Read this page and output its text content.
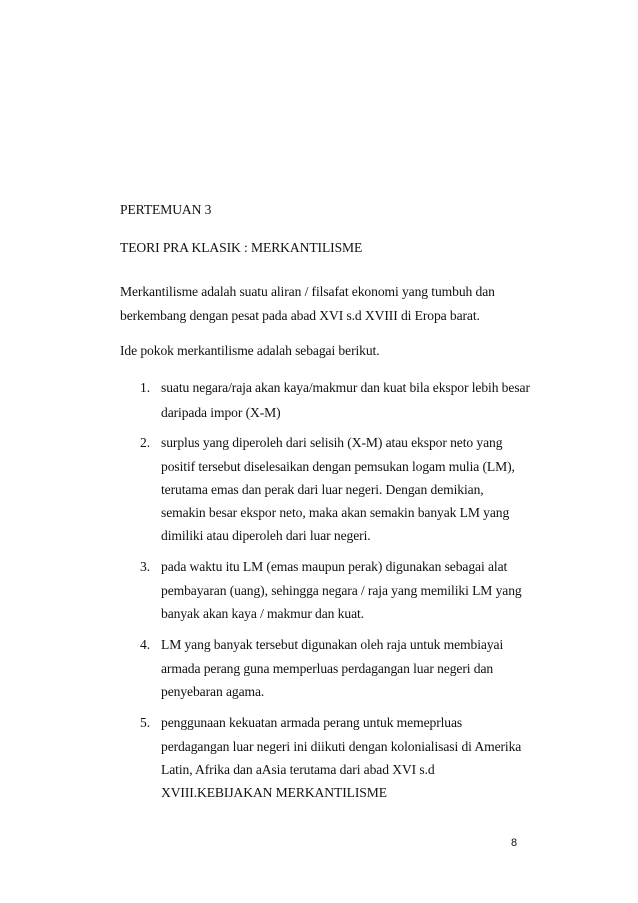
PERTEMUAN 3
TEORI PRA KLASIK : MERKANTILISME
Merkantilisme adalah suatu aliran / filsafat ekonomi yang tumbuh dan
berkembang dengan pesat pada abad XVI s.d XVIII di Eropa barat.
Ide pokok merkantilisme adalah sebagai berikut.
1. suatu negara/raja akan kaya/makmur dan kuat bila ekspor lebih besar
daripada impor (X-M)
2. surplus yang diperoleh dari selisih (X-M) atau ekspor neto yang
positif tersebut diselesaikan dengan pemsukan logam mulia (LM),
terutama emas dan perak dari luar negeri. Dengan demikian,
semakin besar ekspor neto, maka akan semakin banyak LM yang
dimiliki atau diperoleh dari luar negeri.
3. pada waktu itu LM (emas maupun perak) digunakan sebagai alat
pembayaran (uang), sehingga negara / raja yang memiliki LM yang
banyak akan kaya / makmur dan kuat.
4. LM yang banyak tersebut digunakan oleh raja untuk membiayai
armada perang guna memperluas perdagangan luar negeri dan
penyebaran agama.
5. penggunaan kekuatan armada perang untuk memeprluas
perdagangan luar negeri ini diikuti dengan kolonialisasi di Amerika
Latin, Afrika dan aAsia terutama dari abad XVI s.d
XVIII.KEBIJAKAN MERKANTILISME
8
